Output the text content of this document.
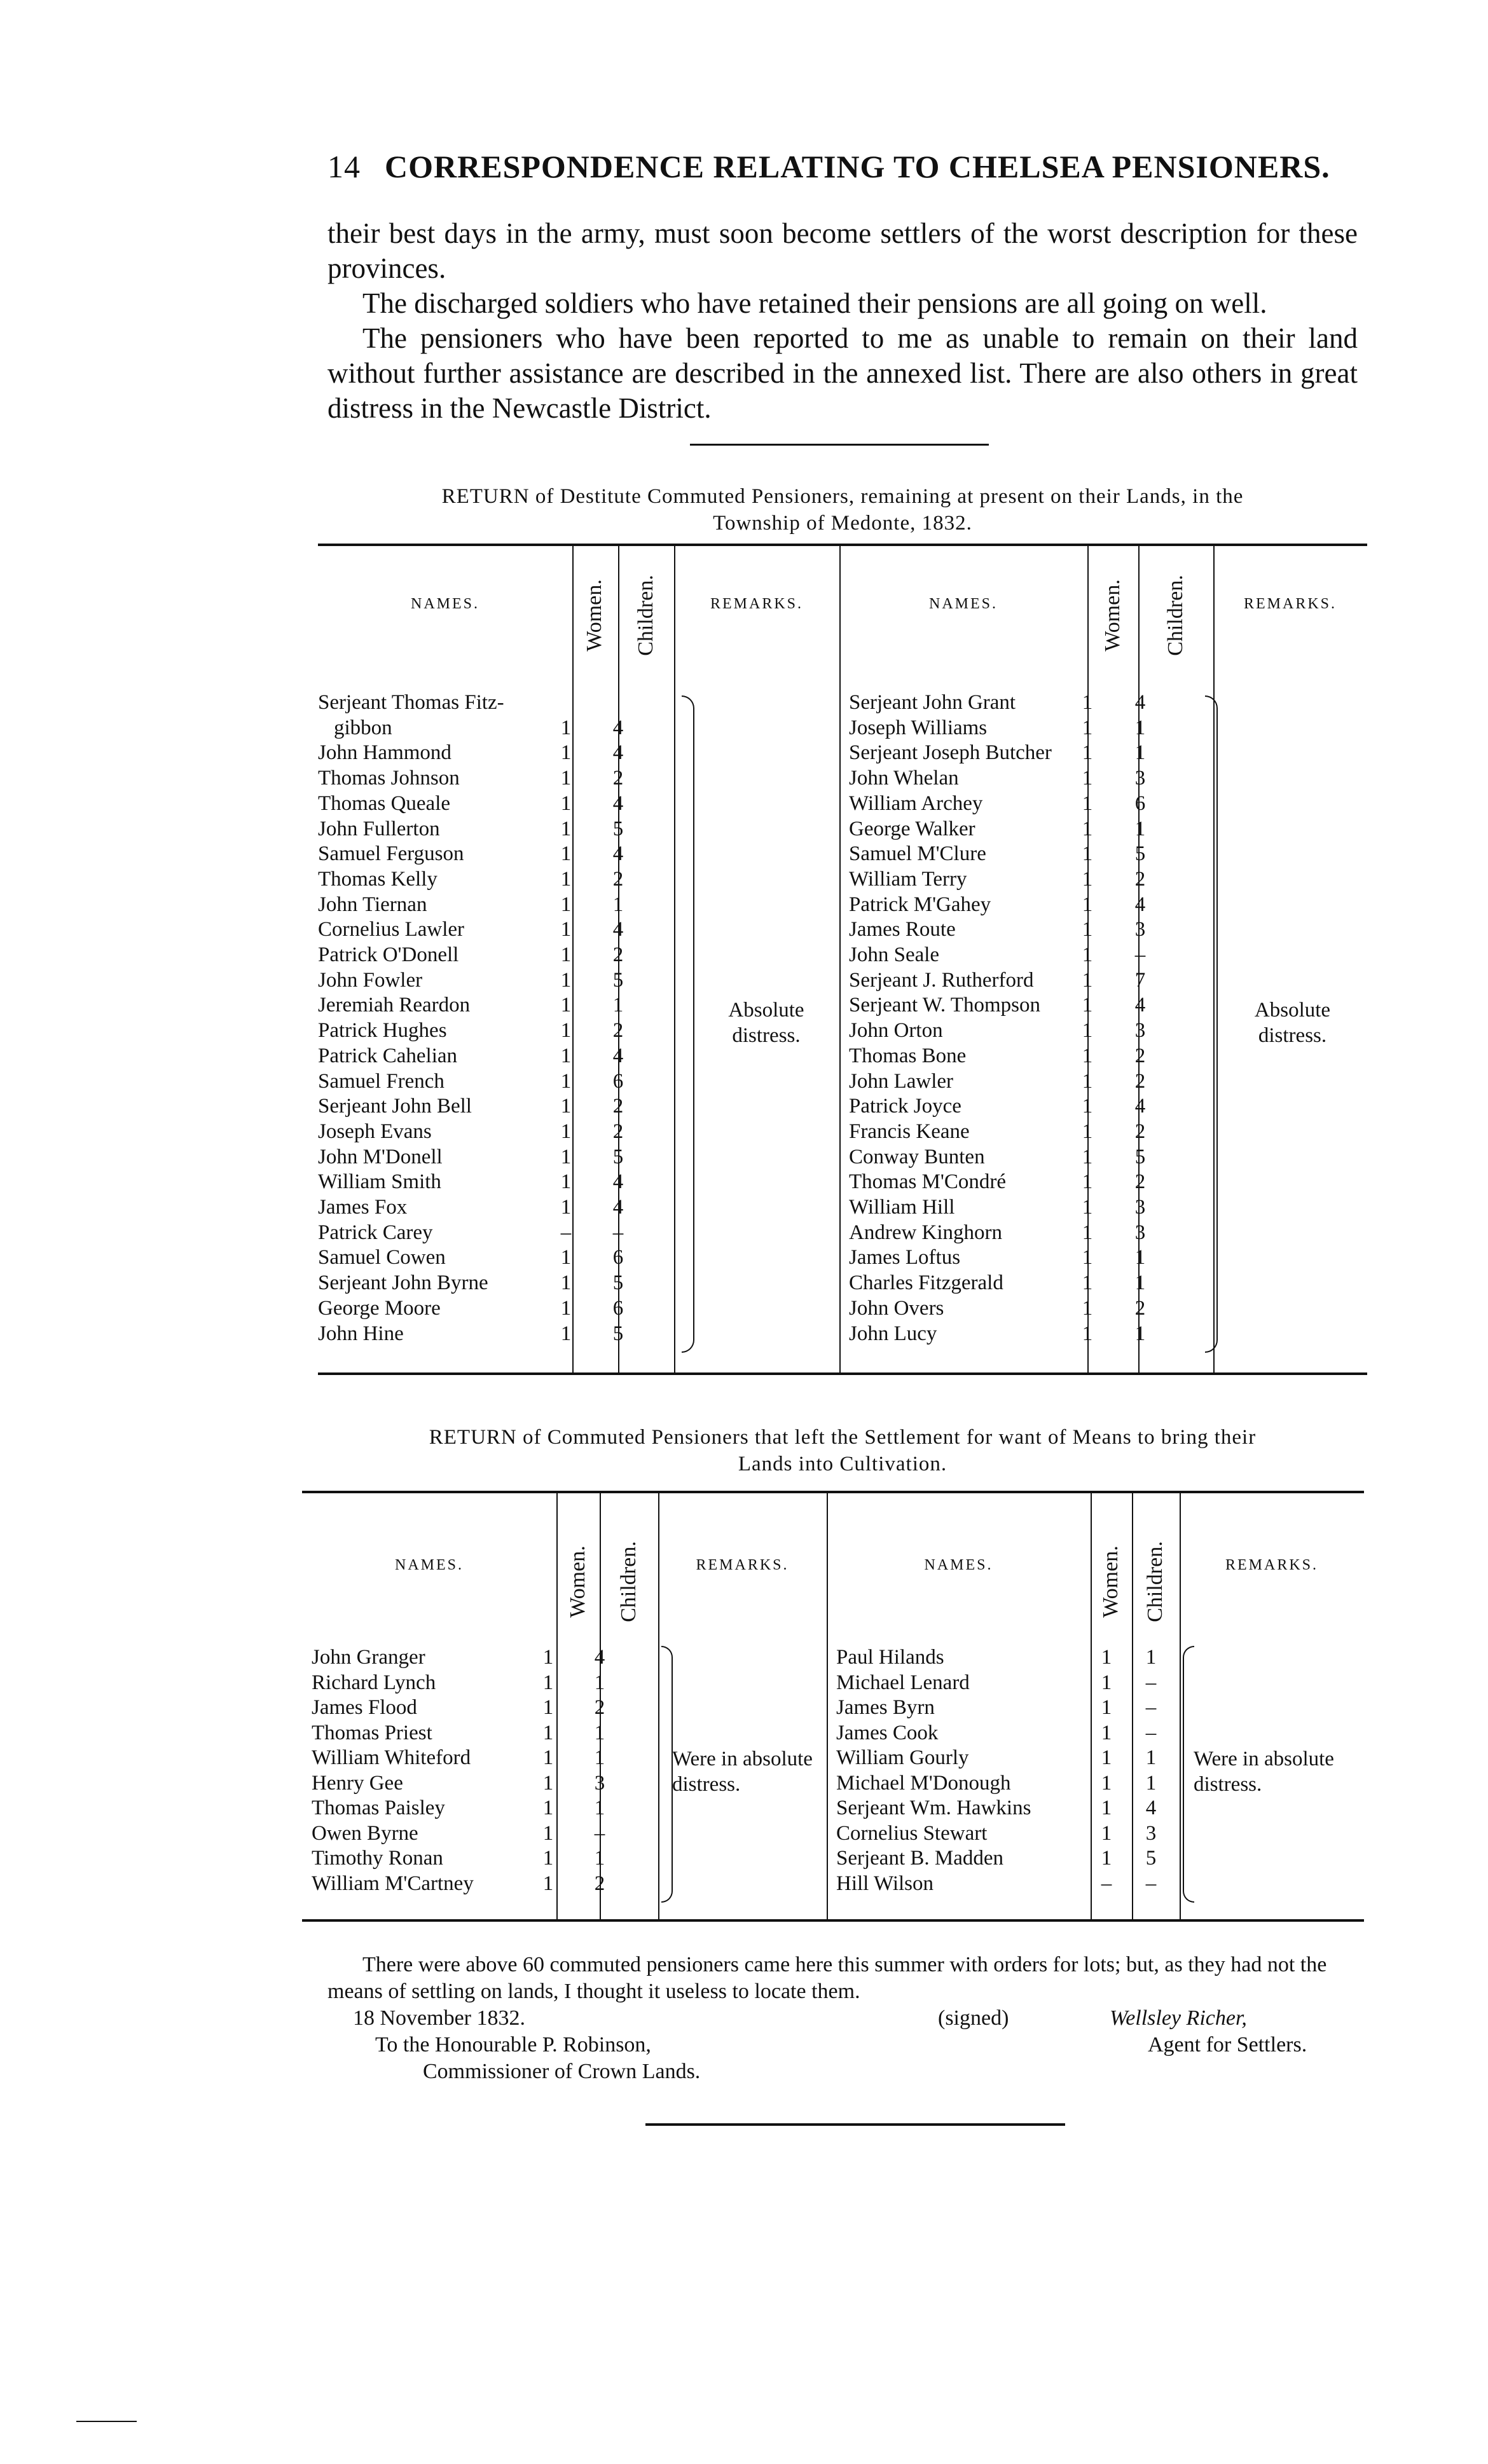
14 CORRESPONDENCE RELATING TO CHELSEA PENSIONERS.

their best days in the army, must soon become settlers of the worst description for these provinces.

The discharged soldiers who have retained their pensions are all going on well.

The pensioners who have been reported to me as unable to remain on their land without further assistance are described in the annexed list. There are also others in great distress in the Newcastle District.

RETURN of Destitute Commuted Pensioners, remaining at present on their Lands, in the
Township of Medonte, 1832.
NAMES.	Women. Children.	REMARKS.	NAMES.	Women. Children.	REMARKS.
Serjeant Thomas Fitz-
gibbon	1	4
John Hammond	1	4
Thomas Johnson	1	2
Thomas Queale	1	4
John Fullerton	1	5
Samuel Ferguson	1	4
Thomas Kelly	1	2
John Tiernan	1	1
Cornelius Lawler	1	4
Patrick O'Donell	1	2
John Fowler	1	5
Jeremiah Reardon	1	1
Patrick Hughes	1	2
Patrick Cahelian	1	4
Samuel French	1	6
Serjeant John Bell	1	2
Joseph Evans	1	2
John M'Donell	1	5
William Smith	1	4
James Fox	1	4
Patrick Carey	–	–
Samuel Cowen	1	6
Serjeant John Byrne	1	5
George Moore	1	6
John Hine	1	5
Serjeant John Grant	1	4
Joseph Williams	1	1
Serjeant Joseph Butcher	1	1
John Whelan	1	3
William Archey	1	6
George Walker	1	1
Samuel M'Clure	1	5
William Terry	1	2
Patrick M'Gahey	1	4
James Route	1	3
John Seale	1	–
Serjeant J. Rutherford	1	7
Serjeant W. Thompson	1	4
John Orton	1	3
Thomas Bone	1	2
John Lawler	1	2
Patrick Joyce	1	4
Francis Keane	1	2
Conway Bunten	1	5
Thomas M'Condré	1	2
William Hill	1	3
Andrew Kinghorn	1	3
James Loftus	1	1
Charles Fitzgerald	1	1
John Overs	1	2
John Lucy	1	1
Absolute distress.
Absolute distress.
RETURN of Commuted Pensioners that left the Settlement for want of Means to bring their
Lands into Cultivation.
NAMES.	Women. Children.	REMARKS.	NAMES.	Women. Children.	REMARKS.
John Granger	1	4
Richard Lynch	1	1
James Flood	1	2
Thomas Priest	1	1
William Whiteford	1	1
Henry Gee	1	3
Thomas Paisley	1	1
Owen Byrne	1	–
Timothy Ronan	1	1
William M'Cartney	1	2
Paul Hilands	1	1
Michael Lenard	1	–
James Byrn	1	–
James Cook	1	–
William Gourly	1	1
Michael M'Donough	1	1
Serjeant Wm. Hawkins	1	4
Cornelius Stewart	1	3
Serjeant B. Madden	1	5
Hill Wilson	–	–
Were in absolute distress.
Were in absolute distress.

There were above 60 commuted pensioners came here this summer with orders for lots; but, as they had not the means of settling on lands, I thought it useless to locate them.

18 November 1832.	(signed)	Wellsley Richer,
To the Honourable P. Robinson,	Agent for Settlers.
Commissioner of Crown Lands.
